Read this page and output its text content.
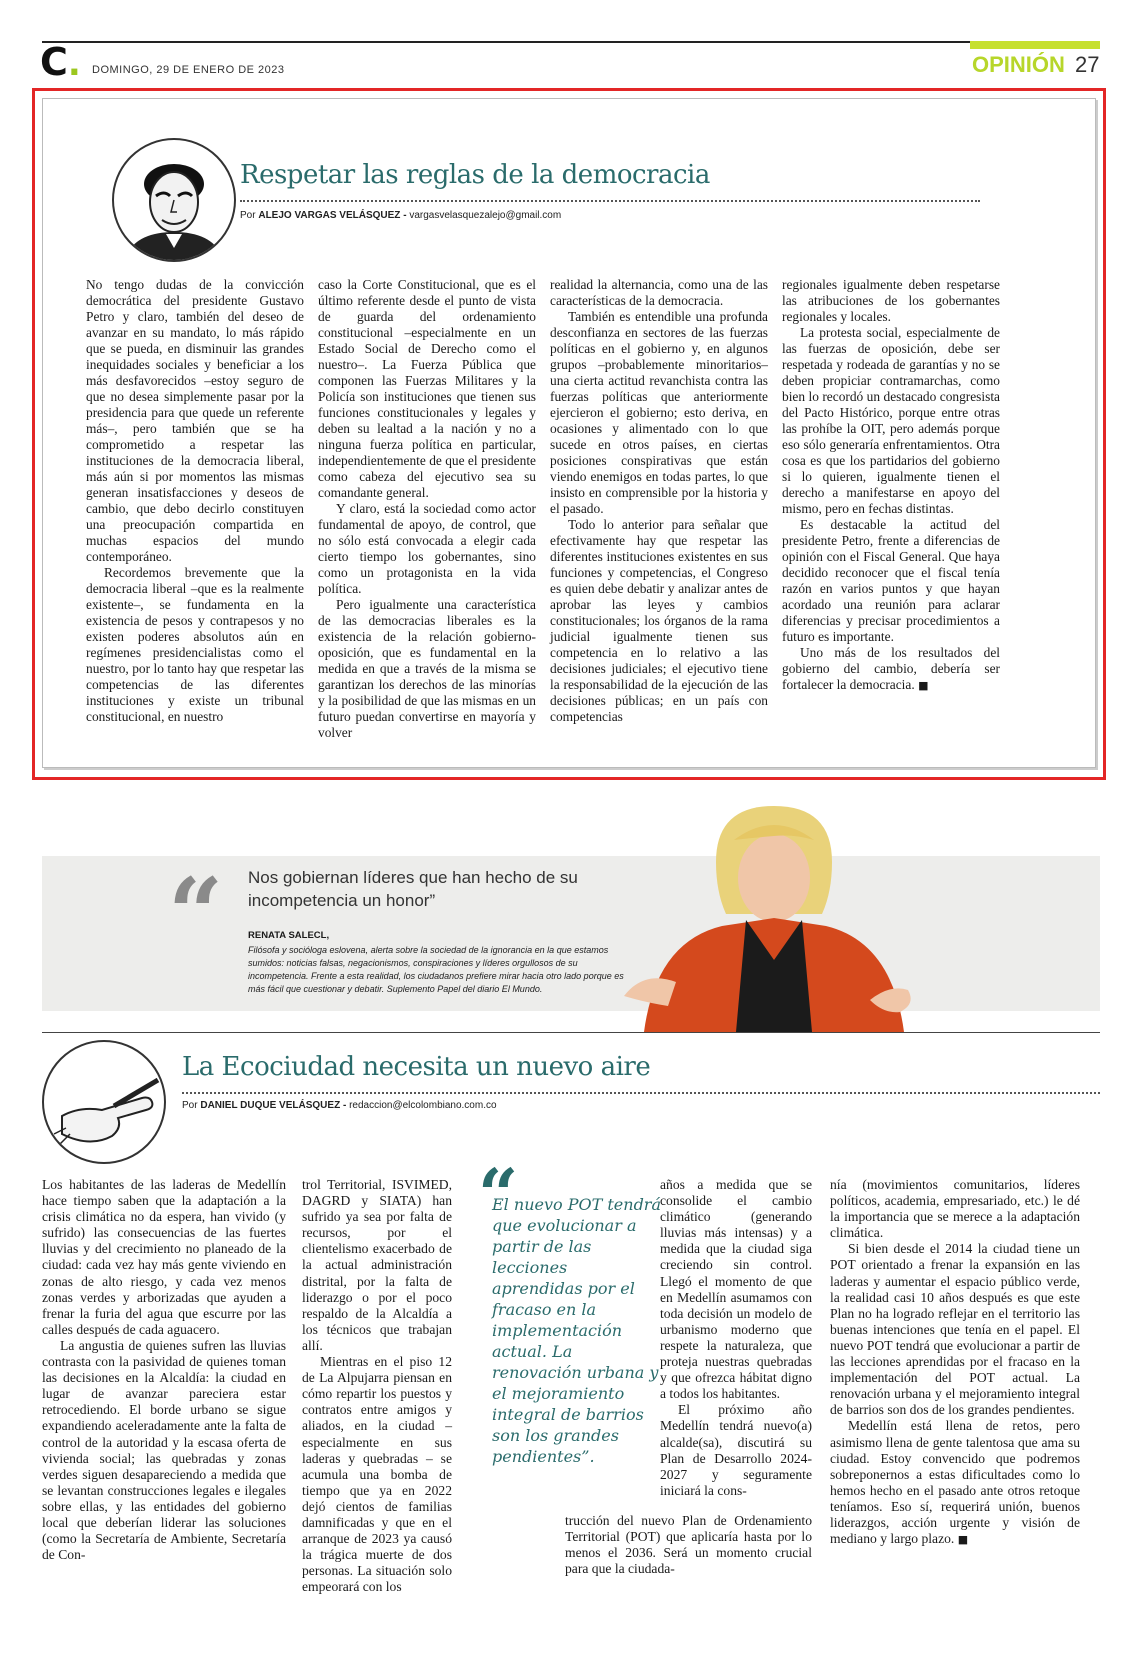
C. DOMINGO, 29 DE ENERO DE 2023	OPINIÓN 27
Respetar las reglas de la democracia
Por ALEJO VARGAS VELÁSQUEZ - vargasvelasquezalejo@gmail.com

No tengo dudas de la convicción democrática del presidente Gustavo Petro y claro, también del deseo de avanzar en su mandato, lo más rápido que se pueda, en disminuir las grandes inequidades sociales y beneficiar a los más desfavorecidos –estoy seguro de que no desea simplemente pasar por la presidencia para que quede un referente más–, pero también que se ha comprometido a respetar las instituciones de la democracia liberal, más aún si por momentos las mismas generan insatisfacciones y deseos de cambio, que debo decirlo constituyen una preocupación compartida en muchas espacios del mundo contemporáneo.

Recordemos brevemente que la democracia liberal –que es la realmente existente–, se fundamenta en la existencia de pesos y contrapesos y no existen poderes absolutos aún en regímenes presidencialistas como el nuestro, por lo tanto hay que respetar las competencias de las diferentes instituciones y existe un tribunal constitucional, en nuestro

caso la Corte Constitucional, que es el último referente desde el punto de vista de guarda del ordenamiento constitucional –especialmente en un Estado Social de Derecho como el nuestro–. La Fuerza Pública que componen las Fuerzas Militares y la Policía son instituciones que tienen sus funciones constitucionales y legales y deben su lealtad a la nación y no a ninguna fuerza política en particular, independientemente de que el presidente como cabeza del ejecutivo sea su comandante general.

Y claro, está la sociedad como actor fundamental de apoyo, de control, que no sólo está convocada a elegir cada cierto tiempo los gobernantes, sino como un protagonista en la vida política.

Pero igualmente una característica de las democracias liberales es la existencia de la relación gobierno-oposición, que es fundamental en la medida en que a través de la misma se garantizan los derechos de las minorías y la posibilidad de que las mismas en un futuro puedan convertirse en mayoría y volver

realidad la alternancia, como una de las características de la democracia.

También es entendible una profunda desconfianza en sectores de las fuerzas políticas en el gobierno y, en algunos grupos –probablemente minoritarios– una cierta actitud revanchista contra las fuerzas políticas que anteriormente ejercieron el gobierno; esto deriva, en ocasiones y alimentado con lo que sucede en otros países, en ciertas posiciones conspirativas que están viendo enemigos en todas partes, lo que insisto en comprensible por la historia y el pasado.

Todo lo anterior para señalar que efectivamente hay que respetar las diferentes instituciones existentes en sus funciones y competencias, el Congreso es quien debe debatir y analizar antes de aprobar las leyes y cambios constitucionales; los órganos de la rama judicial igualmente tienen sus competencia en lo relativo a las decisiones judiciales; el ejecutivo tiene la responsabilidad de la ejecución de las decisiones públicas; en un país con competencias

regionales igualmente deben respetarse las atribuciones de los gobernantes regionales y locales.

La protesta social, especialmente de las fuerzas de oposición, debe ser respetada y rodeada de garantías y no se deben propiciar contramarchas, como bien lo recordó un destacado congresista del Pacto Histórico, porque entre otras las prohíbe la OIT, pero además porque eso sólo generaría enfrentamientos. Otra cosa es que los partidarios del gobierno si lo quieren, igualmente tienen el derecho a manifestarse en apoyo del mismo, pero en fechas distintas.

Es destacable la actitud del presidente Petro, frente a diferencias de opinión con el Fiscal General. Que haya decidido reconocer que el fiscal tenía razón en varios puntos y que hayan acordado una reunión para aclarar diferencias y precisar procedimientos a futuro es importante.

Uno más de los resultados del gobierno del cambio, debería ser fortalecer la democracia. ■

“ Nos gobiernan líderes que han hecho de su incompetencia un honor”
RENATA SALECL,
Filósofa y socióloga eslovena, alerta sobre la sociedad de la ignorancia en la que estamos sumidos: noticias falsas, negacionismos, conspiraciones y líderes orgullosos de su incompetencia. Frente a esta realidad, los ciudadanos prefiere mirar hacia otro lado porque es más fácil que cuestionar y debatir. Suplemento Papel del diario El Mundo.
La Ecociudad necesita un nuevo aire
Por DANIEL DUQUE VELÁSQUEZ - redaccion@elcolombiano.com.co

Los habitantes de las laderas de Medellín hace tiempo saben que la adaptación a la crisis climática no da espera, han vivido (y sufrido) las consecuencias de las fuertes lluvias y del crecimiento no planeado de la ciudad: cada vez hay más gente viviendo en zonas de alto riesgo, y cada vez menos zonas verdes y arborizadas que ayuden a frenar la furia del agua que escurre por las calles después de cada aguacero.

La angustia de quienes sufren las lluvias contrasta con la pasividad de quienes toman las decisiones en la Alcaldía: la ciudad en lugar de avanzar pareciera estar retrocediendo. El borde urbano se sigue expandiendo aceleradamente ante la falta de control de la autoridad y la escasa oferta de vivienda social; las quebradas y zonas verdes siguen desapareciendo a medida que se levantan construcciones legales e ilegales sobre ellas, y las entidades del gobierno local que deberían liderar las soluciones (como la Secretaría de Ambiente, Secretaría de Con-

trol Territorial, ISVIMED, DAGRD y SIATA) han sufrido ya sea por falta de recursos, por el clientelismo exacerbado de la actual administración distrital, por la falta de liderazgo o por el poco respaldo de la Alcaldía a los técnicos que trabajan allí.

Mientras en el piso 12 de La Alpujarra piensan en cómo repartir los puestos y contratos entre amigos y aliados, en la ciudad – especialmente en sus laderas y quebradas – se acumula una bomba de tiempo que ya en 2022 dejó cientos de familias damnificadas y que en el arranque de 2023 ya causó la trágica muerte de dos personas. La situación solo empeorará con los

“
El nuevo POT tendrá que evolucionar a partir de las lecciones aprendidas por el fracaso en la implementación actual. La renovación urbana y el mejoramiento integral de barrios son los grandes pendientes”.

años a medida que se consolide el cambio climático (generando lluvias más intensas) y a medida que la ciudad siga creciendo sin control. Llegó el momento de que en Medellín asumamos con toda decisión un modelo de urbanismo moderno que respete la naturaleza, que proteja nuestras quebradas y que ofrezca hábitat digno a todos los habitantes.

El próximo año Medellín tendrá nuevo(a) alcalde(sa), discutirá su Plan de Desarrollo 2024-2027 y seguramente iniciará la cons-

trucción del nuevo Plan de Ordenamiento Territorial (POT) que aplicaría hasta por lo menos el 2036. Será un momento crucial para que la ciudada-

nía (movimientos comunitarios, líderes políticos, academia, empresariado, etc.) le dé la importancia que se merece a la adaptación climática.

Si bien desde el 2014 la ciudad tiene un POT orientado a frenar la expansión en las laderas y aumentar el espacio público verde, la realidad casi 10 años después es que este Plan no ha logrado reflejar en el territorio las buenas intenciones que tenía en el papel. El nuevo POT tendrá que evolucionar a partir de las lecciones aprendidas por el fracaso en la implementación del POT actual. La renovación urbana y el mejoramiento integral de barrios son dos de los grandes pendientes.

Medellín está llena de retos, pero asimismo llena de gente talentosa que ama su ciudad. Estoy convencido que podremos sobreponernos a estas dificultades como lo hemos hecho en el pasado ante otros retoque teníamos. Eso sí, requerirá unión, buenos liderazgos, acción urgente y visión de mediano y largo plazo. ■
